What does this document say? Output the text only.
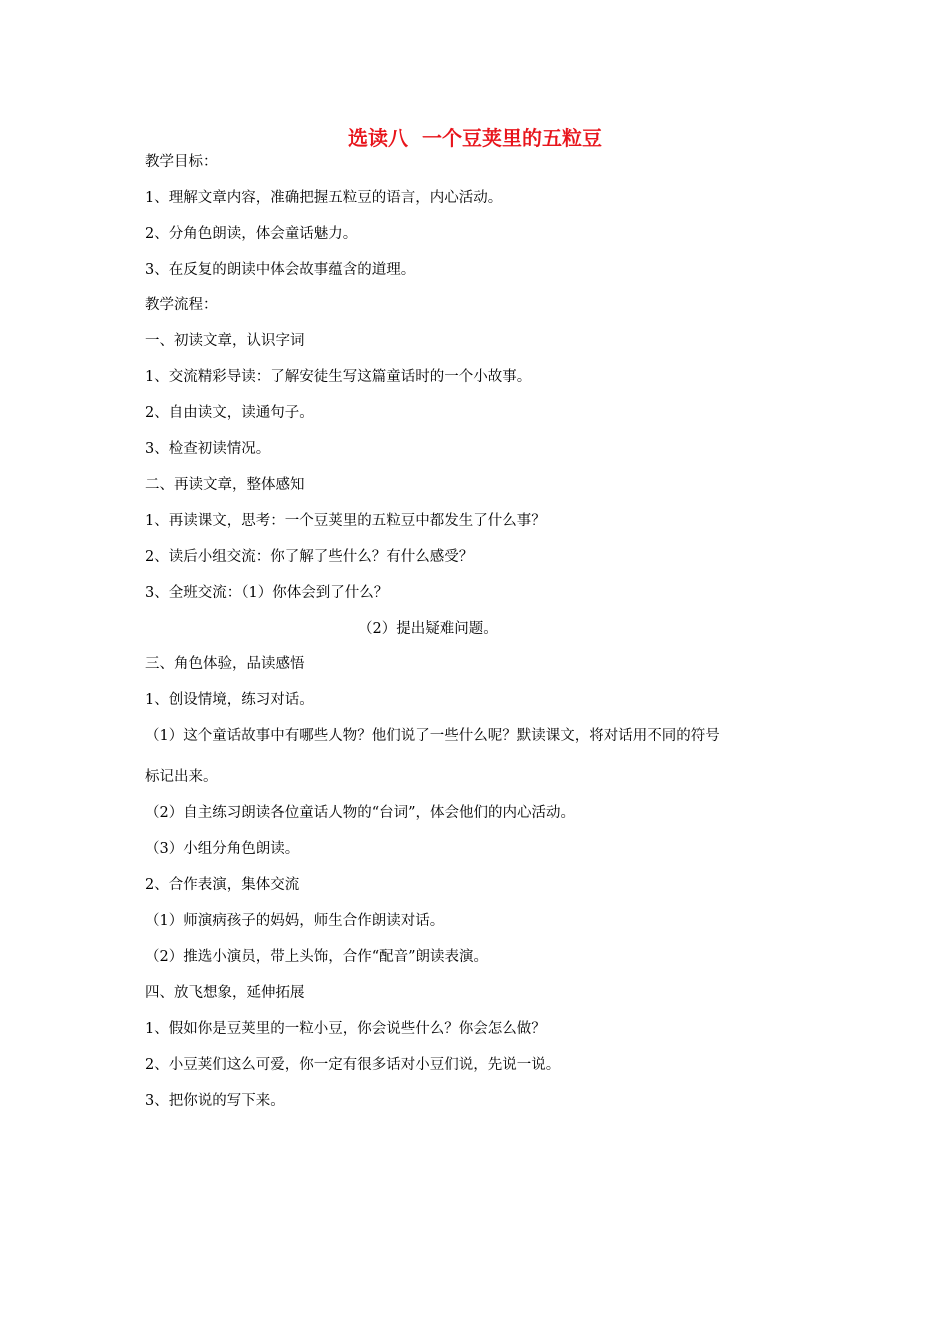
选读八  一个豆荚里的五粒豆
教学目标：
1、理解文章内容，准确把握五粒豆的语言，内心活动。
2、分角色朗读，体会童话魅力。
3、在反复的朗读中体会故事蕴含的道理。
教学流程：
一、初读文章，认识字词
1、交流精彩导读：了解安徒生写这篇童话时的一个小故事。
2、自由读文，读通句子。
3、检查初读情况。
二、再读文章，整体感知
1、再读课文，思考：一个豆荚里的五粒豆中都发生了什么事？
2、读后小组交流：你了解了些什么？有什么感受？
3、全班交流：（1）你体会到了什么？
（2）提出疑难问题。
三、角色体验，品读感悟
1、创设情境，练习对话。
（1）这个童话故事中有哪些人物？他们说了一些什么呢？默读课文，将对话用不同的符号
标记出来。
（2）自主练习朗读各位童话人物的“台词”，体会他们的内心活动。
（3）小组分角色朗读。
2、合作表演，集体交流
（1）师演病孩子的妈妈，师生合作朗读对话。
（2）推选小演员，带上头饰，合作“配音”朗读表演。
四、放飞想象，延伸拓展
1、假如你是豆荚里的一粒小豆，你会说些什么？你会怎么做？
2、小豆荚们这么可爱，你一定有很多话对小豆们说，先说一说。
3、把你说的写下来。
